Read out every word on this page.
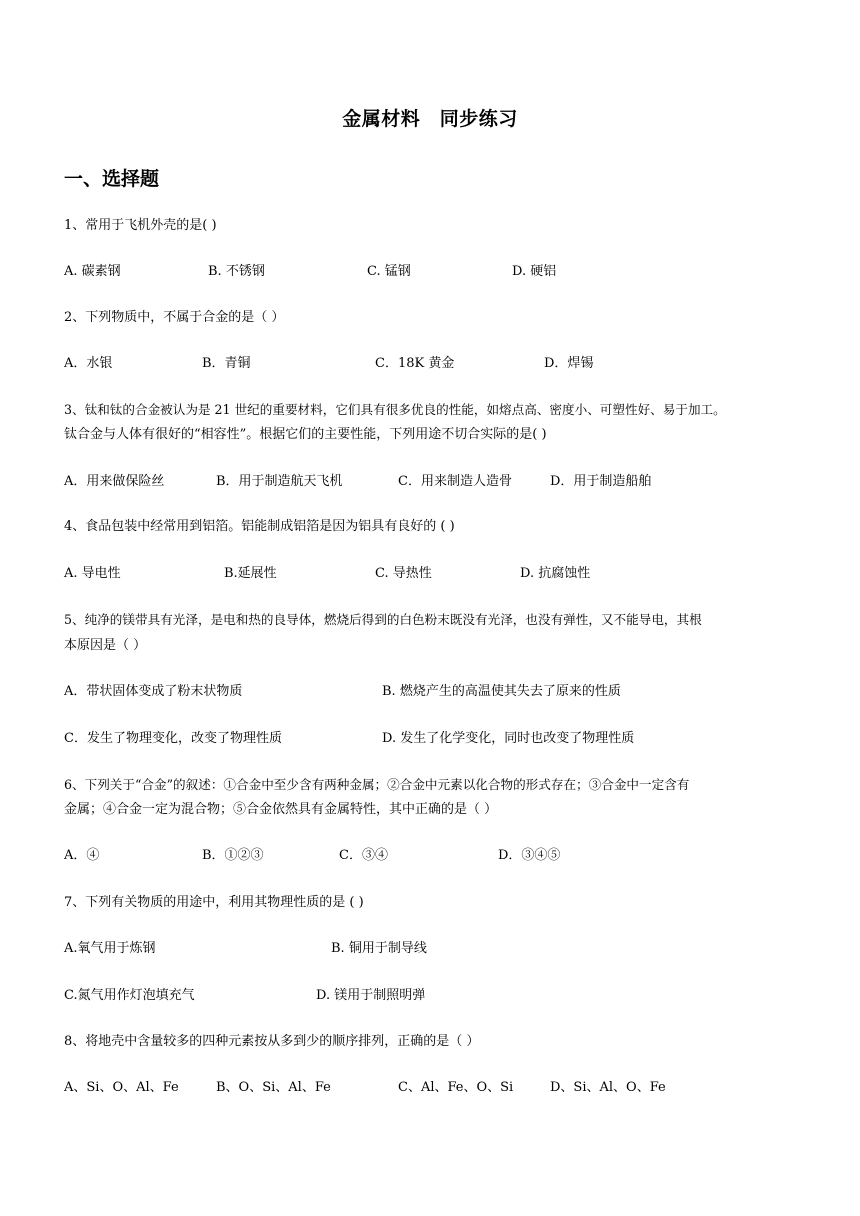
金属材料　同步练习
一、选择题
1、常用于飞机外壳的是( )
A. 碳素钢	B. 不锈钢	C. 锰钢	D. 硬铝
2、下列物质中，不属于合金的是（ ）
A．水银	B．青铜	C．18K 黄金	D．焊锡
3、钛和钛的合金被认为是 21 世纪的重要材料，它们具有很多优良的性能，如熔点高、密度小、可塑性好、易于加工。
钛合金与人体有很好的“相容性”。根据它们的主要性能，下列用途不切合实际的是( )
A．用来做保险丝	B．用于制造航天飞机	C．用来制造人造骨	D．用于制造船舶
4、食品包装中经常用到铝箔。铝能制成铝箔是因为铝具有良好的 ( )
A. 导电性	B.延展性	C. 导热性	D. 抗腐蚀性
5、纯净的镁带具有光泽，是电和热的良导体，燃烧后得到的白色粉末既没有光泽，也没有弹性，又不能导电，其根
本原因是（ ）
A．带状固体变成了粉末状物质	B. 燃烧产生的高温使其失去了原来的性质
C．发生了物理变化，改变了物理性质	D. 发生了化学变化，同时也改变了物理性质
6、下列关于“合金”的叙述：①合金中至少含有两种金属；②合金中元素以化合物的形式存在；③合金中一定含有
金属；④合金一定为混合物；⑤合金依然具有金属特性，其中正确的是（ ）
A．④	B．①②③	C．③④	D．③④⑤
7、下列有关物质的用途中，利用其物理性质的是 ( )
A.氧气用于炼钢	B. 铜用于制导线
C.氮气用作灯泡填充气	D. 镁用于制照明弹
8、将地壳中含量较多的四种元素按从多到少的顺序排列，正确的是（ ）
A、Si、O、Al、Fe	B、O、Si、Al、Fe	C、Al、Fe、O、Si	D、Si、Al、O、Fe
